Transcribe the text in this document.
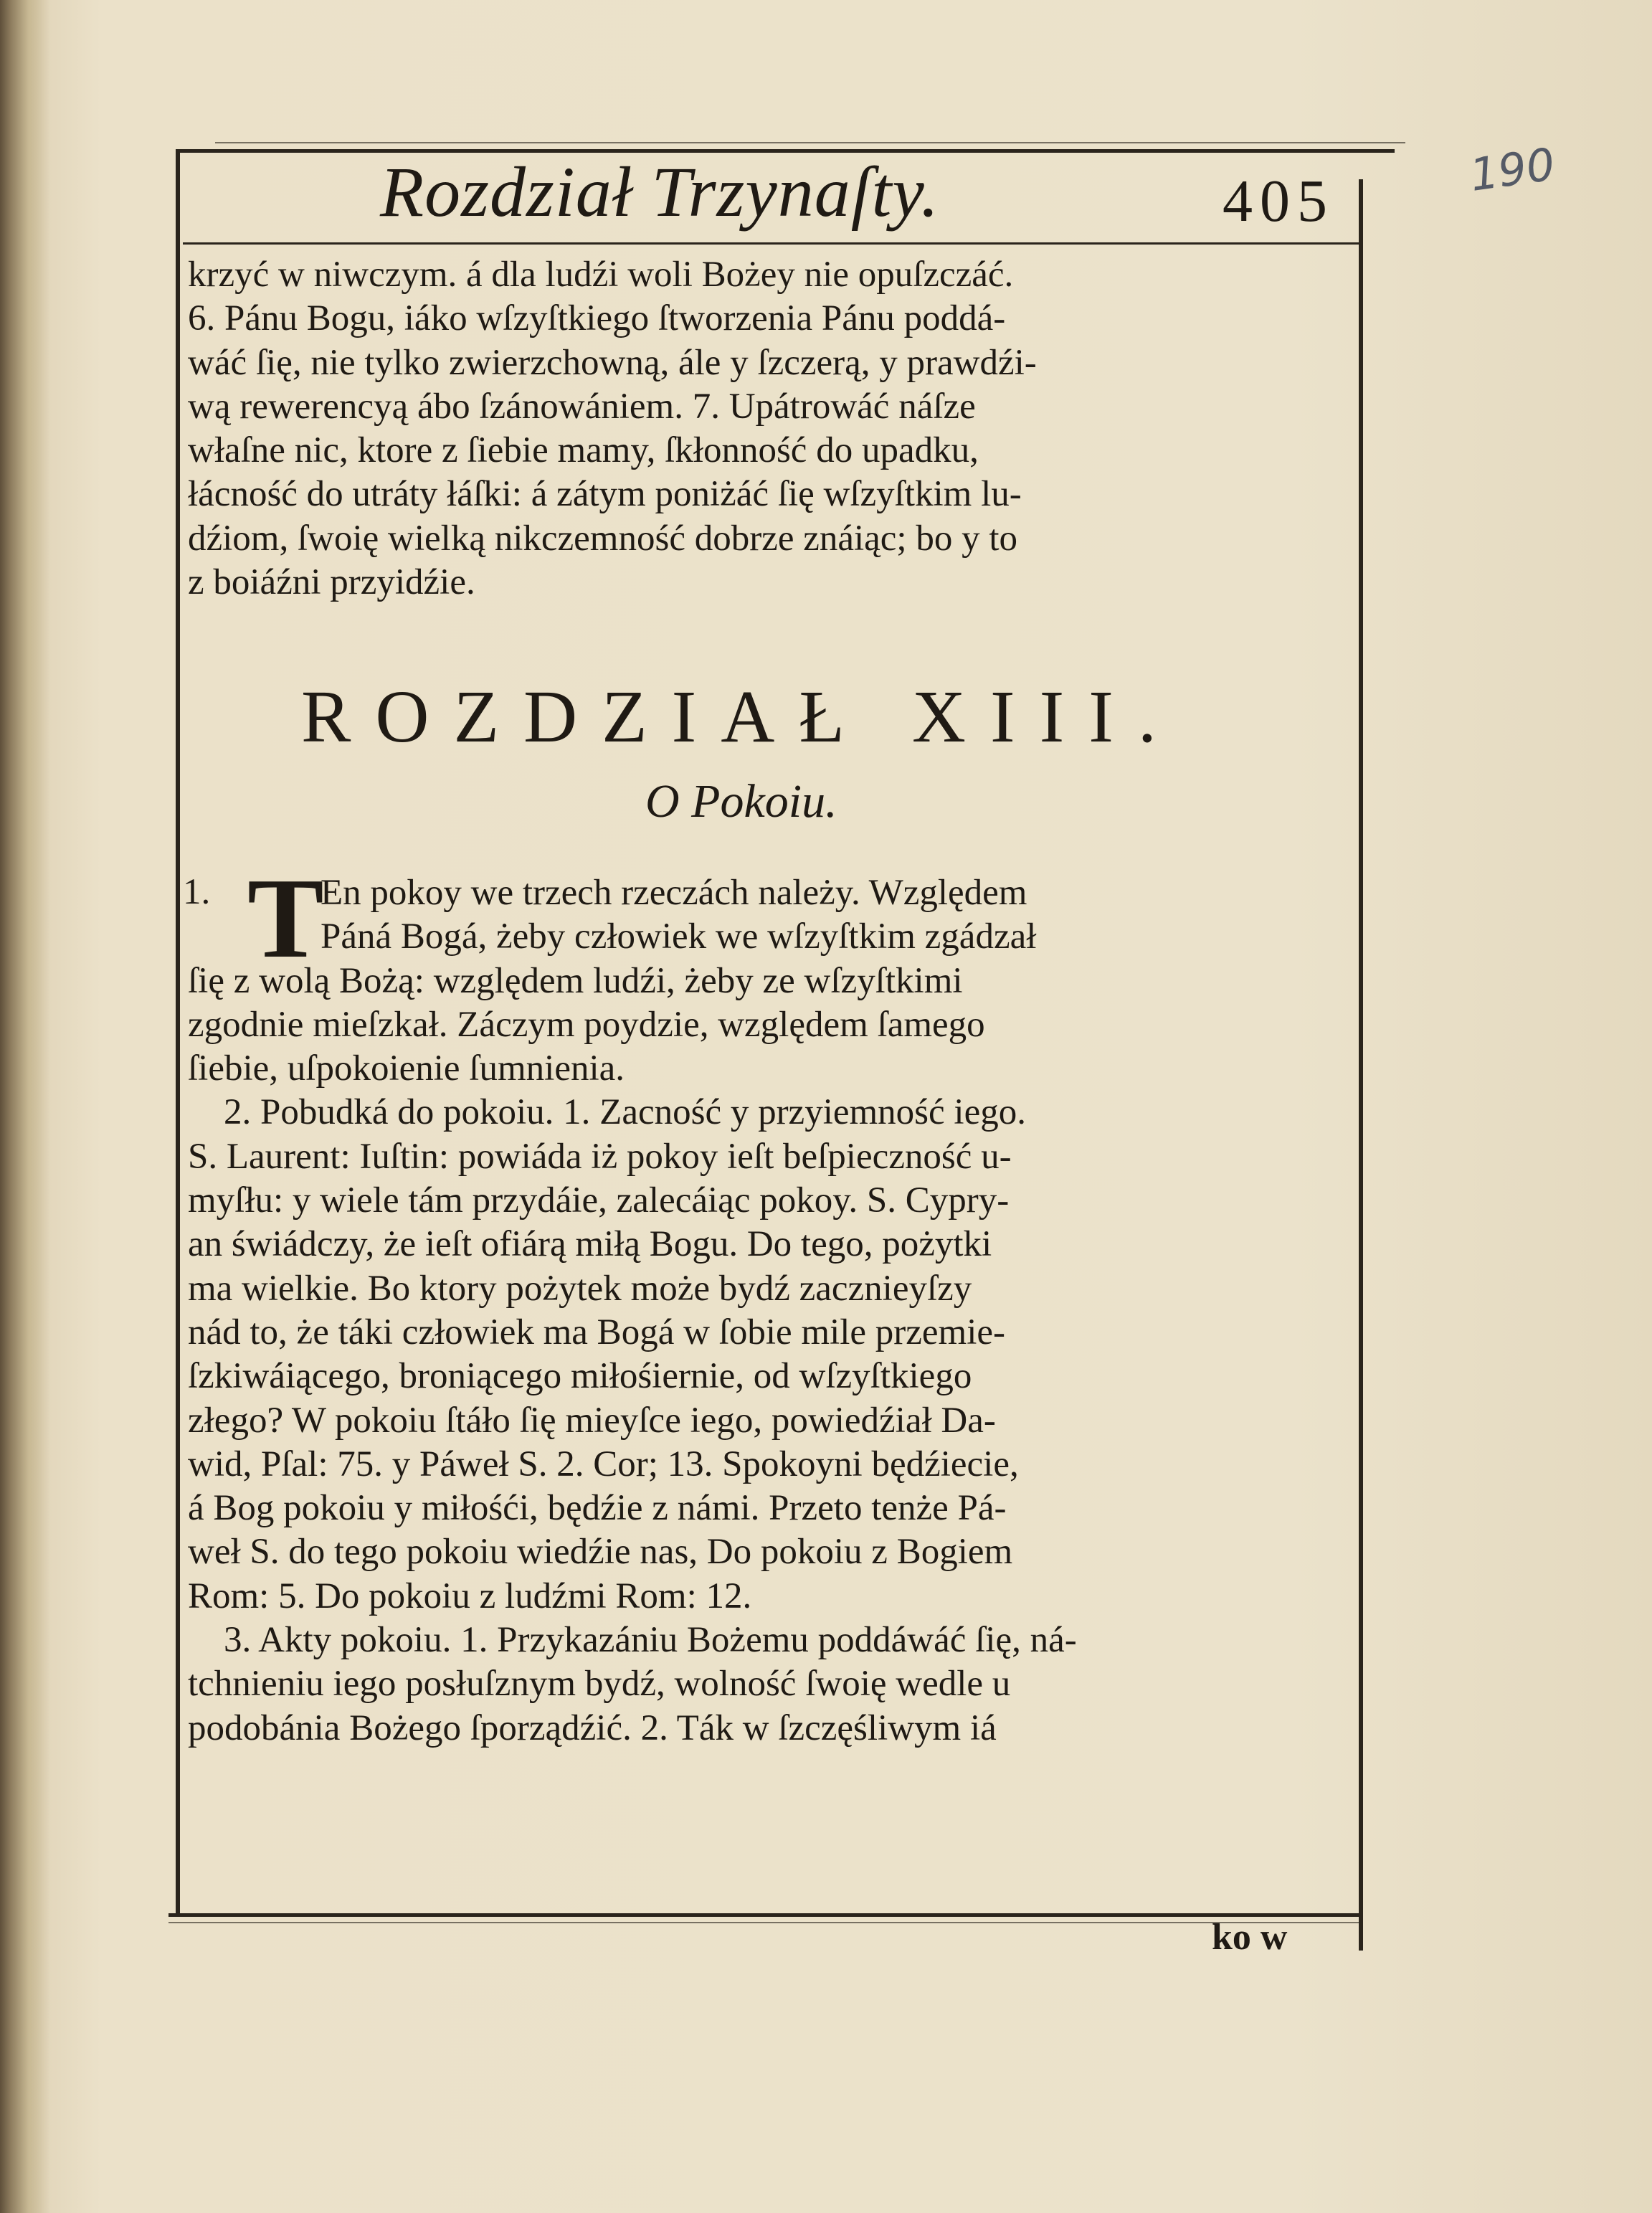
190
Rozdział Trzynaſty.	405
krzyć w niwczym. á dla ludźi woli Bożey nie opuſzczáć.
6. Pánu Bogu, iáko wſzyſtkiego ſtworzenia Pánu poddá-
wáć ſię, nie tylko zwierzchowną, ále y ſzczerą, y prawdźi-
wą rewerencyą ábo ſzánowániem. 7. Upátrowáć náſze
właſne nic, ktore z ſiebie mamy, ſkłonność do upadku,
łácność do utráty łáſki: á zátym poniżáć ſię wſzyſtkim lu-
dźiom, ſwoię wielką nikczemność dobrze znáiąc; bo y to
z boiáźni przyidźie.
ROZDZIAŁ XIII.
O Pokoiu.
1. T
En pokoy we trzech rzeczách należy. Względem
Páná Bogá, żeby człowiek we wſzyſtkim zgádzał
ſię z wolą Bożą: względem ludźi, żeby ze wſzyſtkimi
zgodnie mieſzkał. Záczym poydzie, względem ſamego
ſiebie, uſpokoienie ſumnienia.
2. Pobudká do pokoiu. 1. Zacność y przyiemność iego.
S. Laurent: Iuſtin: powiáda iż pokoy ieſt beſpieczność u-
myſłu: y wiele tám przydáie, zalecáiąc pokoy. S. Cypry-
an świádczy, że ieſt ofiárą miłą Bogu. Do tego, pożytki
ma wielkie. Bo ktory pożytek może bydź zacznieyſzy
nád to, że táki człowiek ma Bogá w ſobie mile przemie-
ſzkiwáiącego, broniącego miłośiernie, od wſzyſtkiego
złego? W pokoiu ſtáło ſię mieyſce iego, powiedźiał Da-
wid, Pſal: 75. y Páweł S. 2. Cor; 13. Spokoyni będźiecie,
á Bog pokoiu y miłośći, będźie z námi. Przeto tenże Pá-
weł S. do tego pokoiu wiedźie nas, Do pokoiu z Bogiem
Rom: 5. Do pokoiu z ludźmi Rom: 12.
3. Akty pokoiu. 1. Przykazániu Bożemu poddáwáć ſię, ná-
tchnieniu iego posłuſznym bydź, wolność ſwoię wedle u
podobánia Bożego ſporządźić. 2. Ták w ſzczęśliwym iá
ko w
